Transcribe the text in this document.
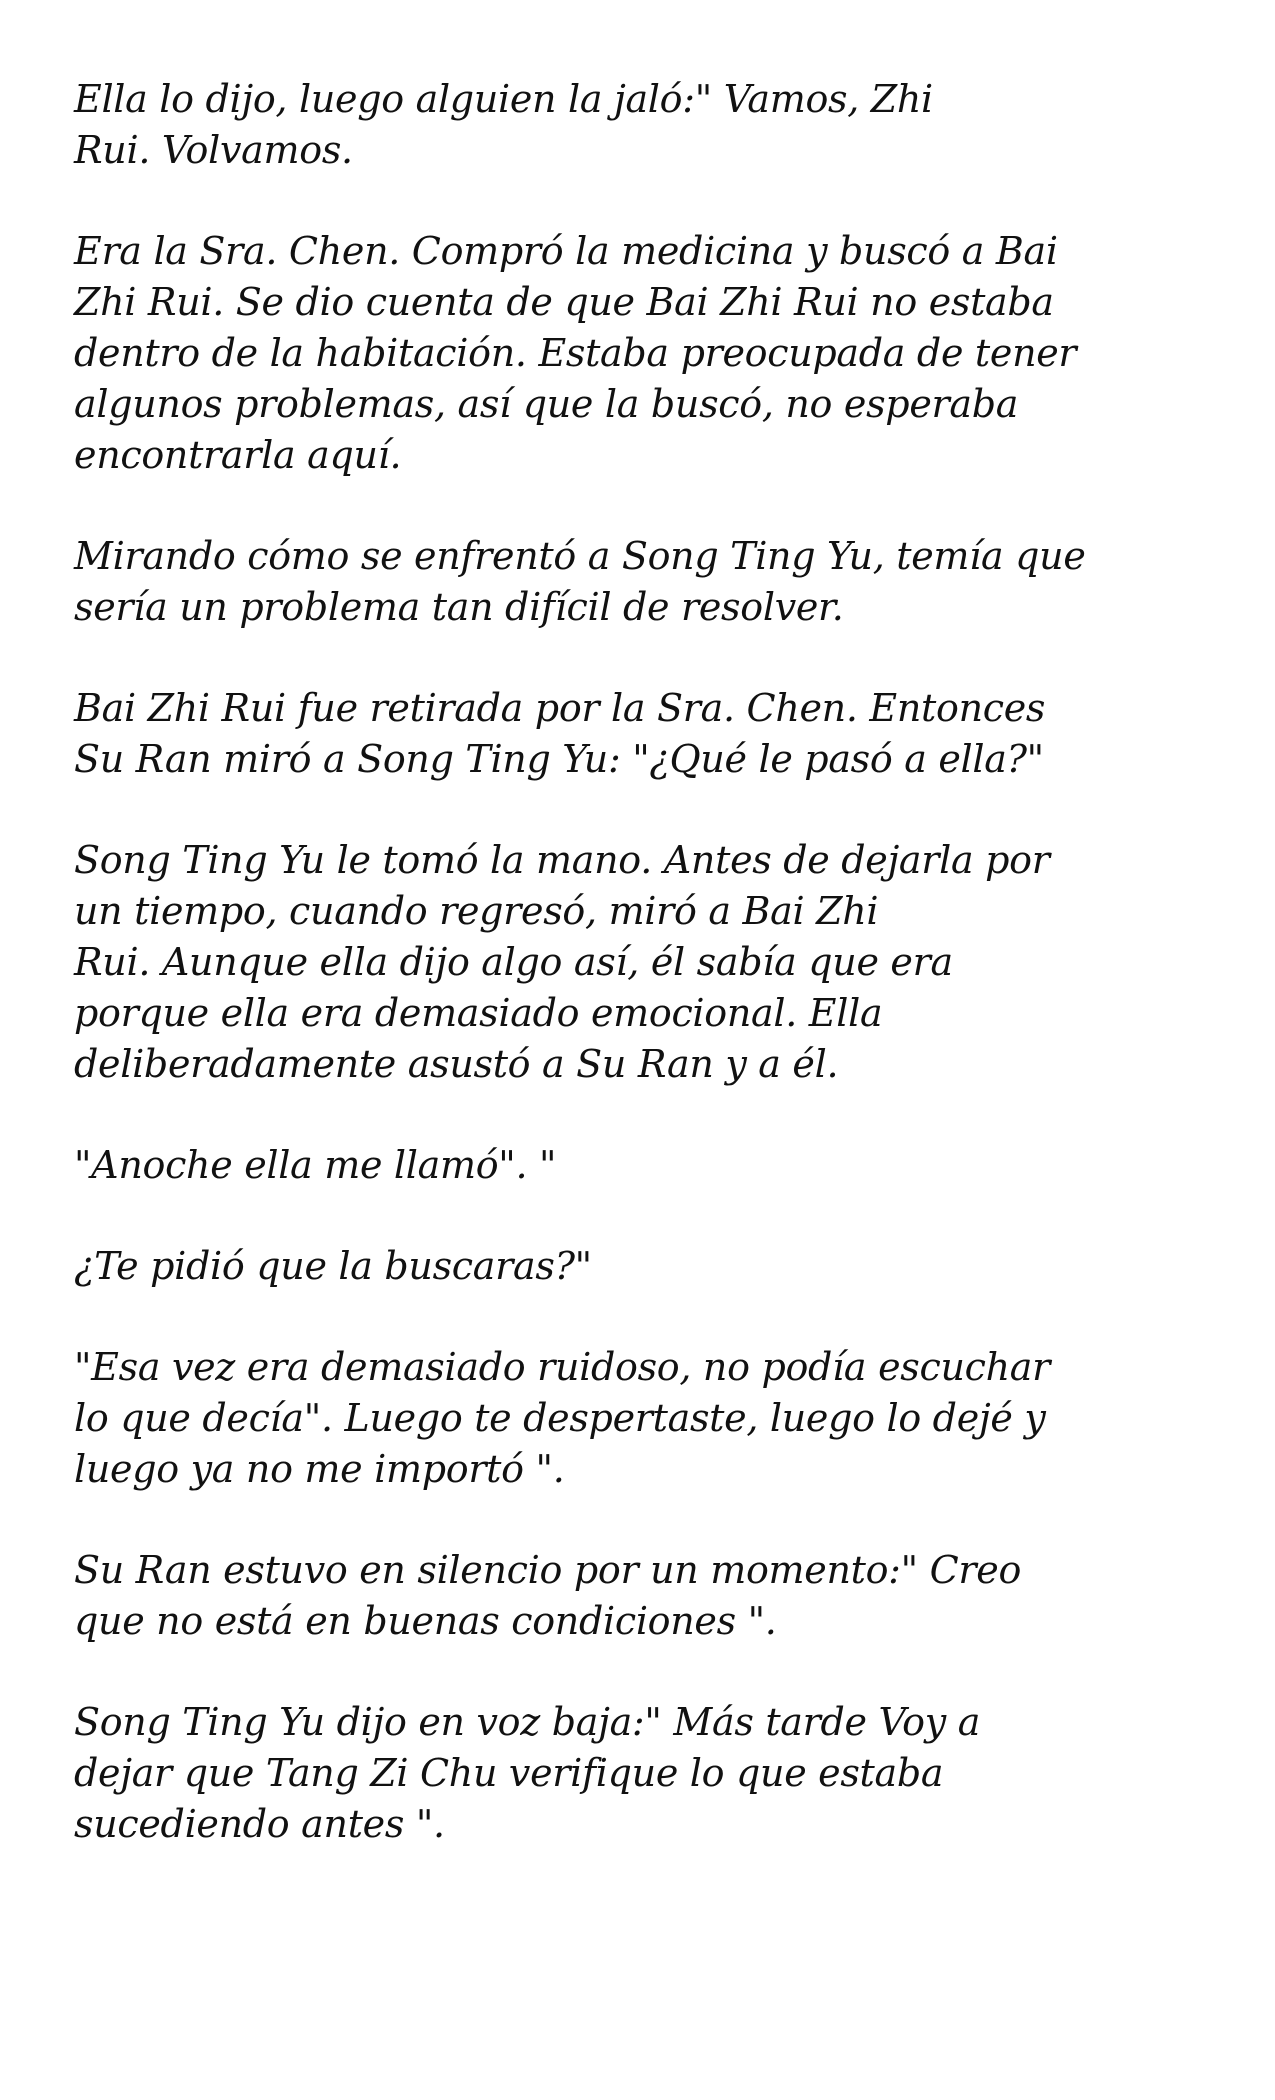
Ella lo dijo, luego alguien la jaló:" Vamos, Zhi
Rui. Volvamos.

Era la Sra. Chen. Compró la medicina y buscó a Bai
Zhi Rui. Se dio cuenta de que Bai Zhi Rui no estaba
dentro de la habitación. Estaba preocupada de tener
algunos problemas, así que la buscó, no esperaba
encontrarla aquí.

Mirando cómo se enfrentó a Song Ting Yu, temía que
sería un problema tan difícil de resolver.

Bai Zhi Rui fue retirada por la Sra. Chen. Entonces
Su Ran miró a Song Ting Yu: "¿Qué le pasó a ella?"

Song Ting Yu le tomó la mano. Antes de dejarla por
un tiempo, cuando regresó, miró a Bai Zhi
Rui. Aunque ella dijo algo así, él sabía que era
porque ella era demasiado emocional. Ella
deliberadamente asustó a Su Ran y a él.

"Anoche ella me llamó". "

¿Te pidió que la buscaras?"

"Esa vez era demasiado ruidoso, no podía escuchar
lo que decía". Luego te despertaste, luego lo dejé y
luego ya no me importó ".

Su Ran estuvo en silencio por un momento:" Creo
que no está en buenas condiciones ".

Song Ting Yu dijo en voz baja:" Más tarde Voy a
dejar que Tang Zi Chu verifique lo que estaba
sucediendo antes ".
